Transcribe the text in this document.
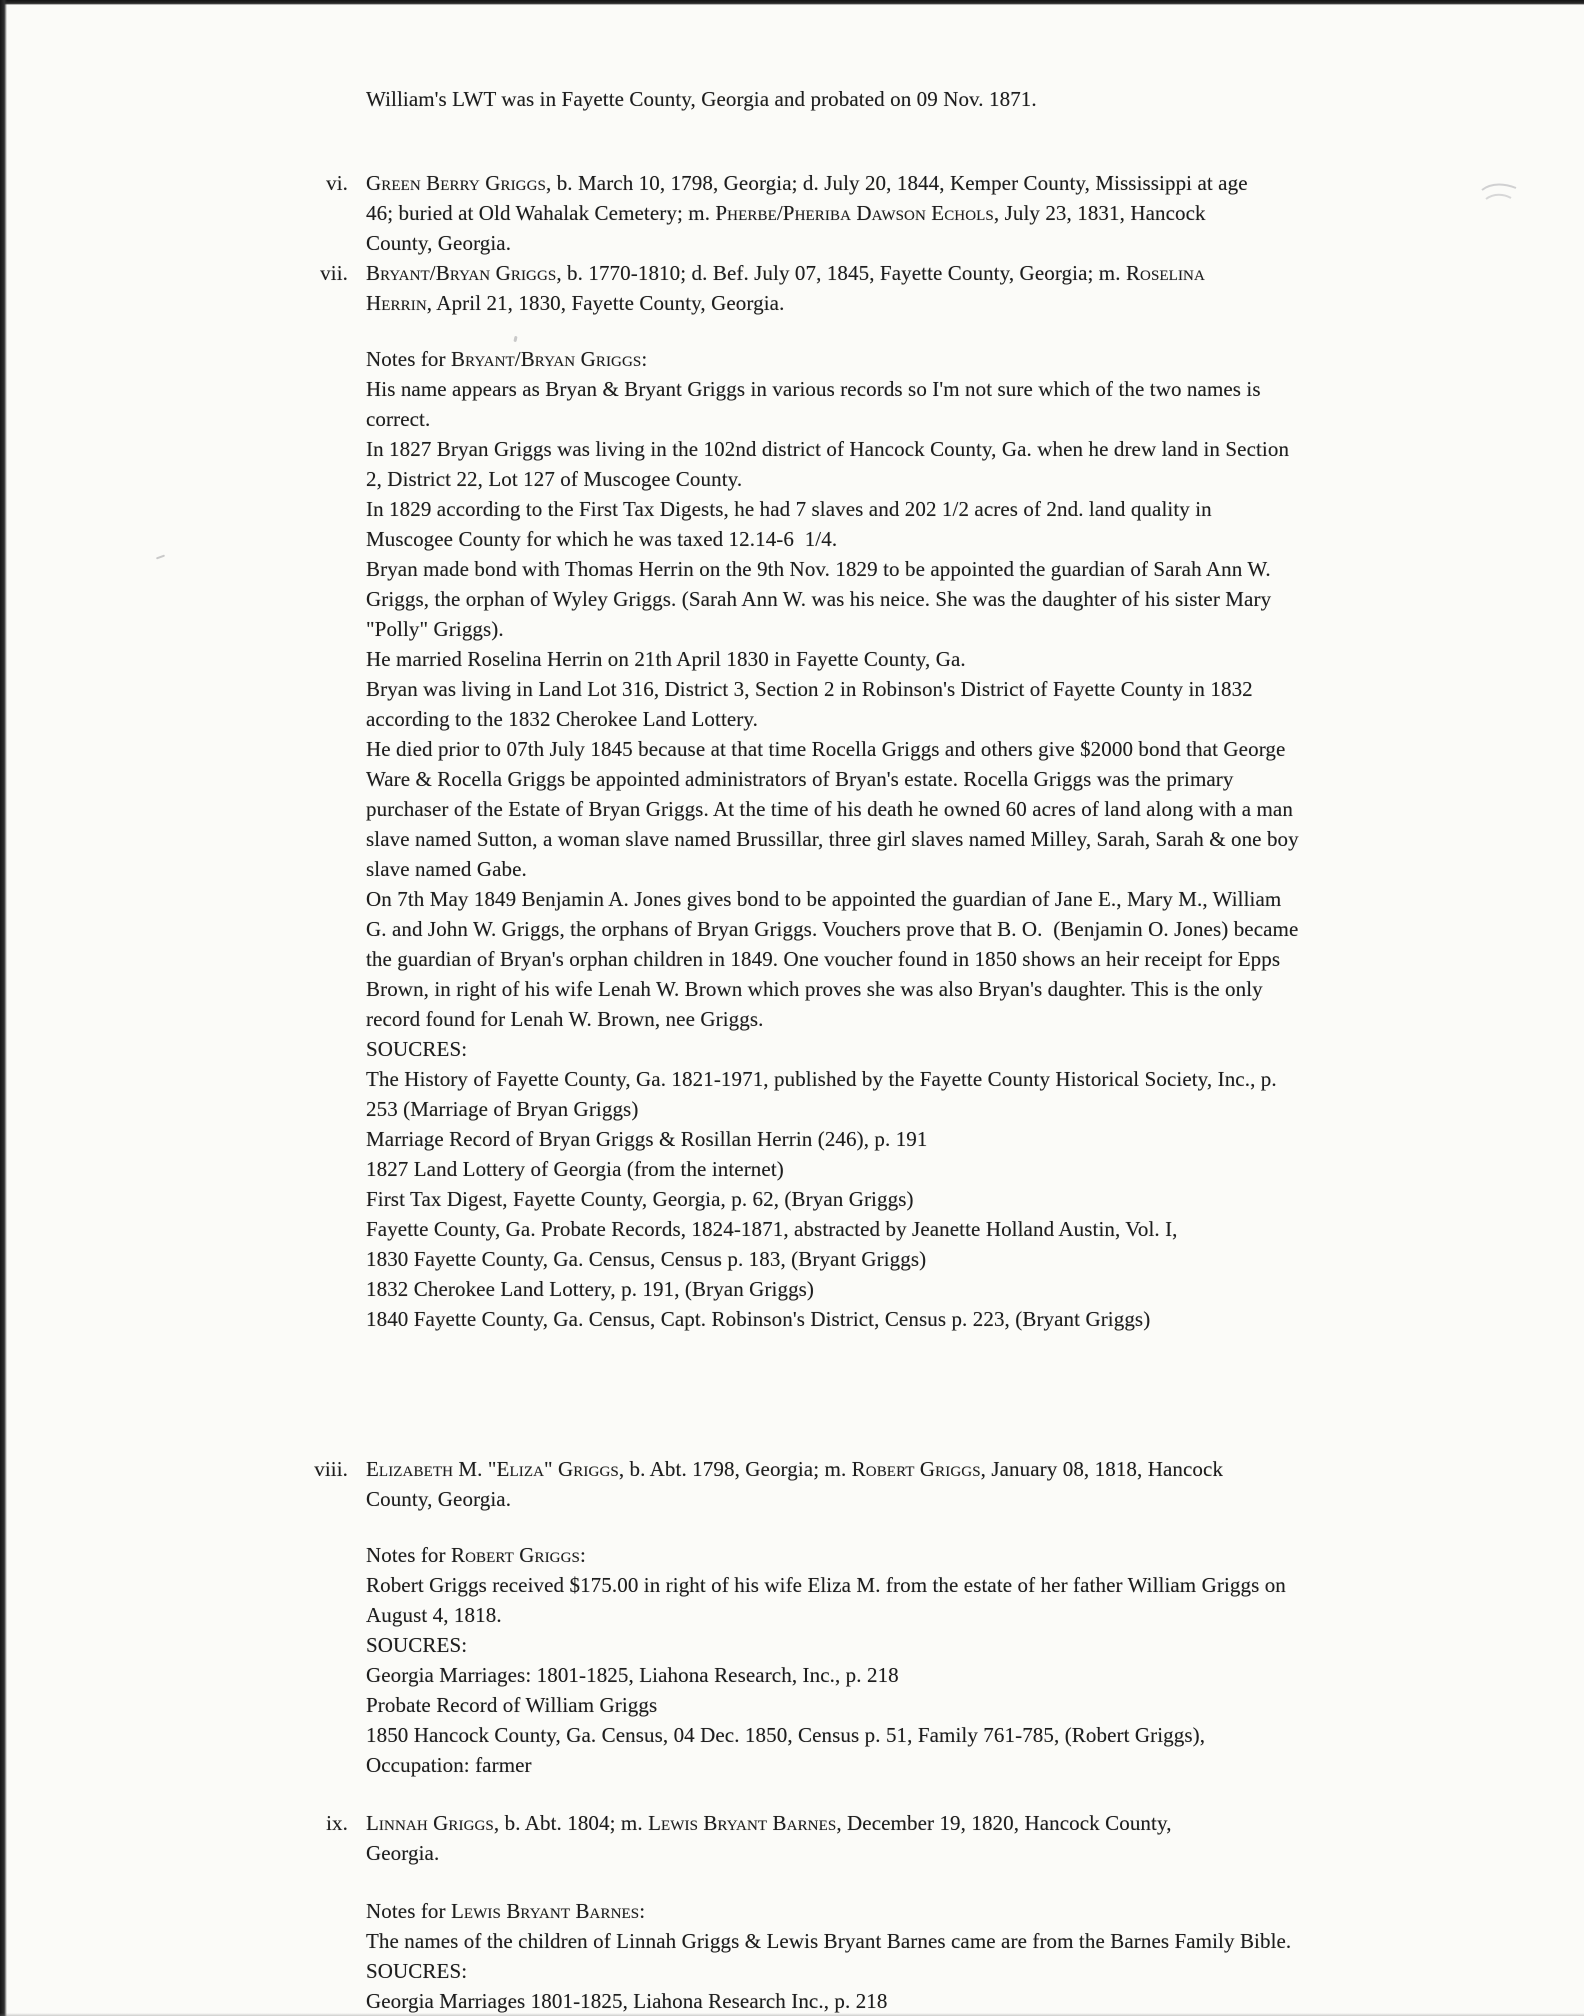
William's LWT was in Fayette County, Georgia and probated on 09 Nov. 1871.
vi. Green Berry Griggs, b. March 10, 1798, Georgia; d. July 20, 1844, Kemper County, Mississippi at age
46; buried at Old Wahalak Cemetery; m. Pherbe/Pheriba Dawson Echols, July 23, 1831, Hancock
County, Georgia.
vii. Bryant/Bryan Griggs, b. 1770-1810; d. Bef. July 07, 1845, Fayette County, Georgia; m. Roselina
Herrin, April 21, 1830, Fayette County, Georgia.
Notes for Bryant/Bryan Griggs:
His name appears as Bryan & Bryant Griggs in various records so I'm not sure which of the two names is
correct.
In 1827 Bryan Griggs was living in the 102nd district of Hancock County, Ga. when he drew land in Section
2, District 22, Lot 127 of Muscogee County.
In 1829 according to the First Tax Digests, he had 7 slaves and 202 1/2 acres of 2nd. land quality in
Muscogee County for which he was taxed 12.14-6  1/4.
Bryan made bond with Thomas Herrin on the 9th Nov. 1829 to be appointed the guardian of Sarah Ann W.
Griggs, the orphan of Wyley Griggs. (Sarah Ann W. was his neice. She was the daughter of his sister Mary
"Polly" Griggs).
He married Roselina Herrin on 21th April 1830 in Fayette County, Ga.
Bryan was living in Land Lot 316, District 3, Section 2 in Robinson's District of Fayette County in 1832
according to the 1832 Cherokee Land Lottery.
He died prior to 07th July 1845 because at that time Rocella Griggs and others give $2000 bond that George
Ware & Rocella Griggs be appointed administrators of Bryan's estate. Rocella Griggs was the primary
purchaser of the Estate of Bryan Griggs. At the time of his death he owned 60 acres of land along with a man
slave named Sutton, a woman slave named Brussillar, three girl slaves named Milley, Sarah, Sarah & one boy
slave named Gabe.
On 7th May 1849 Benjamin A. Jones gives bond to be appointed the guardian of Jane E., Mary M., William
G. and John W. Griggs, the orphans of Bryan Griggs. Vouchers prove that B. O.  (Benjamin O. Jones) became
the guardian of Bryan's orphan children in 1849. One voucher found in 1850 shows an heir receipt for Epps
Brown, in right of his wife Lenah W. Brown which proves she was also Bryan's daughter. This is the only
record found for Lenah W. Brown, nee Griggs.
SOUCRES:
The History of Fayette County, Ga. 1821-1971, published by the Fayette County Historical Society, Inc., p.
253 (Marriage of Bryan Griggs)
Marriage Record of Bryan Griggs & Rosillan Herrin (246), p. 191
1827 Land Lottery of Georgia (from the internet)
First Tax Digest, Fayette County, Georgia, p. 62, (Bryan Griggs)
Fayette County, Ga. Probate Records, 1824-1871, abstracted by Jeanette Holland Austin, Vol. I,
1830 Fayette County, Ga. Census, Census p. 183, (Bryant Griggs)
1832 Cherokee Land Lottery, p. 191, (Bryan Griggs)
1840 Fayette County, Ga. Census, Capt. Robinson's District, Census p. 223, (Bryant Griggs)
viii. Elizabeth M. "Eliza" Griggs, b. Abt. 1798, Georgia; m. Robert Griggs, January 08, 1818, Hancock
County, Georgia.
Notes for Robert Griggs:
Robert Griggs received $175.00 in right of his wife Eliza M. from the estate of her father William Griggs on
August 4, 1818.
SOUCRES:
Georgia Marriages: 1801-1825, Liahona Research, Inc., p. 218
Probate Record of William Griggs
1850 Hancock County, Ga. Census, 04 Dec. 1850, Census p. 51, Family 761-785, (Robert Griggs),
Occupation: farmer
ix. Linnah Griggs, b. Abt. 1804; m. Lewis Bryant Barnes, December 19, 1820, Hancock County,
Georgia.
Notes for Lewis Bryant Barnes:
The names of the children of Linnah Griggs & Lewis Bryant Barnes came are from the Barnes Family Bible.
SOUCRES:
Georgia Marriages 1801-1825, Liahona Research Inc., p. 218
